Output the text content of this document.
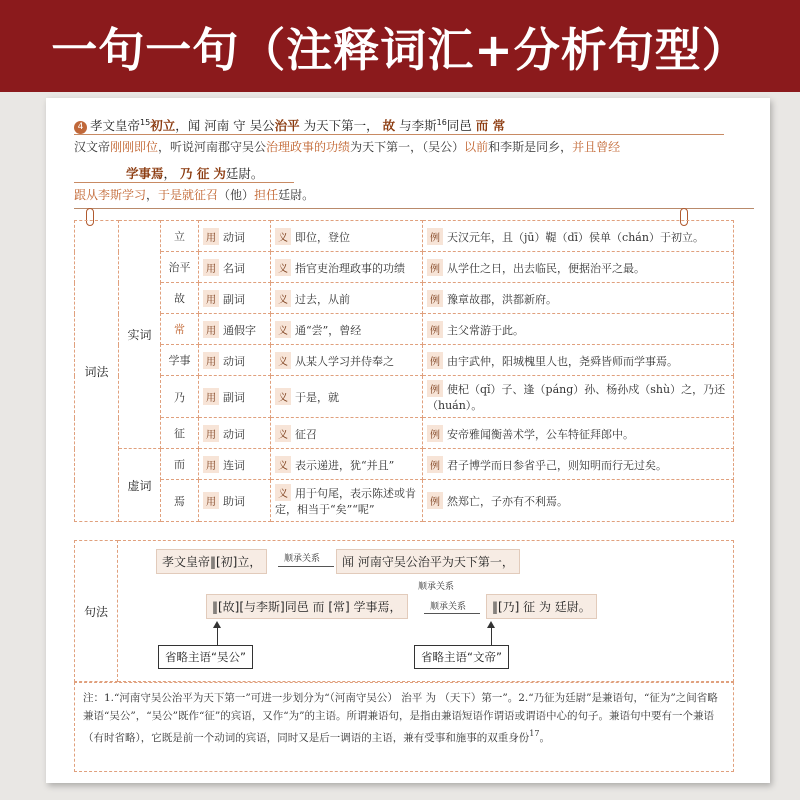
一句一句（注释词汇+分析句型）
4 孝文皇帝$^{15}$初立，闻 河南 守 吴公治平 为天下第一， 故 与李斯$^{16}$同邑 而 常
汉文帝刚刚即位，听说河南郡守吴公治理政事的功绩为天下第一，（吴公）以前和李斯是同乡，并且曾经
学事焉， 乃 征 为廷尉。
跟从李斯学习，于是就征召（他）担任廷尉。
词法	实词	立	用 动词	义 即位，登位	例 天汉元年，且（jū）鞮（dī）侯单（chán）于初立。
		治平	用 名词	义 指官吏治理政事的功绩	例 从学仕之日，出去临民，便据治平之最。
		故	用 副词	义 过去，从前	例 豫章故郡，洪都新府。
		常	用 通假字	义 通“尝”，曾经	例 主父常游于此。
		学事	用 动词	义 从某人学习并侍奉之	例 由宇武仲，阳城槐里人也，尧舜皆师而学事焉。
		乃	用 副词	义 于是，就	例 使杞（qǐ）子、逢（páng）孙、杨孙戍（shù）之，乃还（huán）。
		征	用 动词	义 征召	例 安帝雅闻衡善术学，公车特征拜郎中。
	虚词	而	用 连词	义 表示递进，犹“并且”	例 君子博学而日参省乎己，则知明而行无过矣。
		焉	用 助词	义 用于句尾，表示陈述或肯定，相当于“矣”“呢”	例 然郑亡，子亦有不利焉。
句法
孝文皇帝‖[初]立，	顺承关系	闻 河南守吴公治平为天下第一，
顺承关系
‖[故][与李斯]同邑 而 [常] 学事焉，	顺承关系	‖[乃] 征 为 廷尉。
省略主语“吴公”	省略主语“文帝”
注：1.“河南守吴公治平为天下第一”可进一步划分为“（河南守吴公） 治平 为 （天下）第一”。2.“乃征为廷尉”是兼语句，“征为”之间省略兼语“吴公”，“吴公”既作“征”的宾语，又作“为”的主语。所谓兼语句，是指由兼语短语作谓语或谓语中心的句子。兼语句中要有一个兼语（有时省略），它既是前一个动词的宾语，同时又是后一调语的主语，兼有受事和施事的双重身份$^{17}$。
